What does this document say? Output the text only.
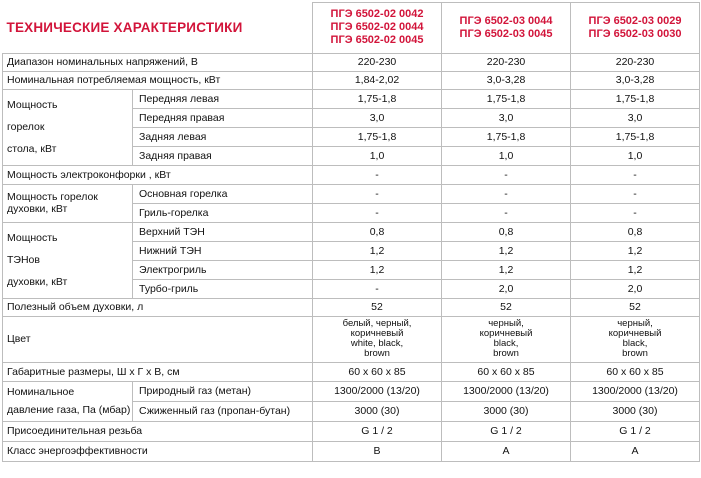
ТЕХНИЧЕСКИЕ ХАРАКТЕРИСТИКИ		ПГЭ 6502-02 0042
ПГЭ 6502-02 0044
ПГЭ 6502-02 0045	ПГЭ 6502-03 0044
ПГЭ 6502-03 0045	ПГЭ 6502-03 0029
ПГЭ 6502-03 0030

Диапазон номинальных напряжений, В		220-230	220-230	220-230
Номинальная потребляемая мощность, кВт		1,84-2,02	3,0-3,28	3,0-3,28

Мощность
горелок
стола, кВт	Передняя левая	1,75-1,8	1,75-1,8	1,75-1,8
	Передняя правая	3,0	3,0	3,0
	Задняя левая	1,75-1,8	1,75-1,8	1,75-1,8
	Задняя правая	1,0	1,0	1,0
Мощность электроконфорки , кВт		-	-	-

Мощность горелок
духовки, кВт	Основная горелка	-	-	-
	Гриль-горелка	-	-	-

Мощность
ТЭНов
духовки, кВт	Верхний ТЭН	0,8	0,8	0,8
	Нижний ТЭН	1,2	1,2	1,2
	Электрогриль	1,2	1,2	1,2
	Турбо-гриль	-	2,0	2,0
Полезный объем духовки, л		52	52	52
Цвет		белый, черный,
коричневый
white, black,
brown	черный,
коричневый
black,
brown	черный,
коричневый
black,
brown

Габаритные размеры, Ш х Г х В, см		60 х 60 х 85	60 х 60 х 85	60 х 60 х 85

Номинальное
давление газа, Па (мбар)	Природный газ (метан)	1300/2000 (13/20)	1300/2000 (13/20)	1300/2000 (13/20)
	Сжиженный газ (пропан-бутан)	3000 (30)	3000 (30)	3000 (30)
Присоединительная резьба		G 1 / 2	G 1 / 2	G 1 / 2
Класс энергоэффективности		B	A	A
